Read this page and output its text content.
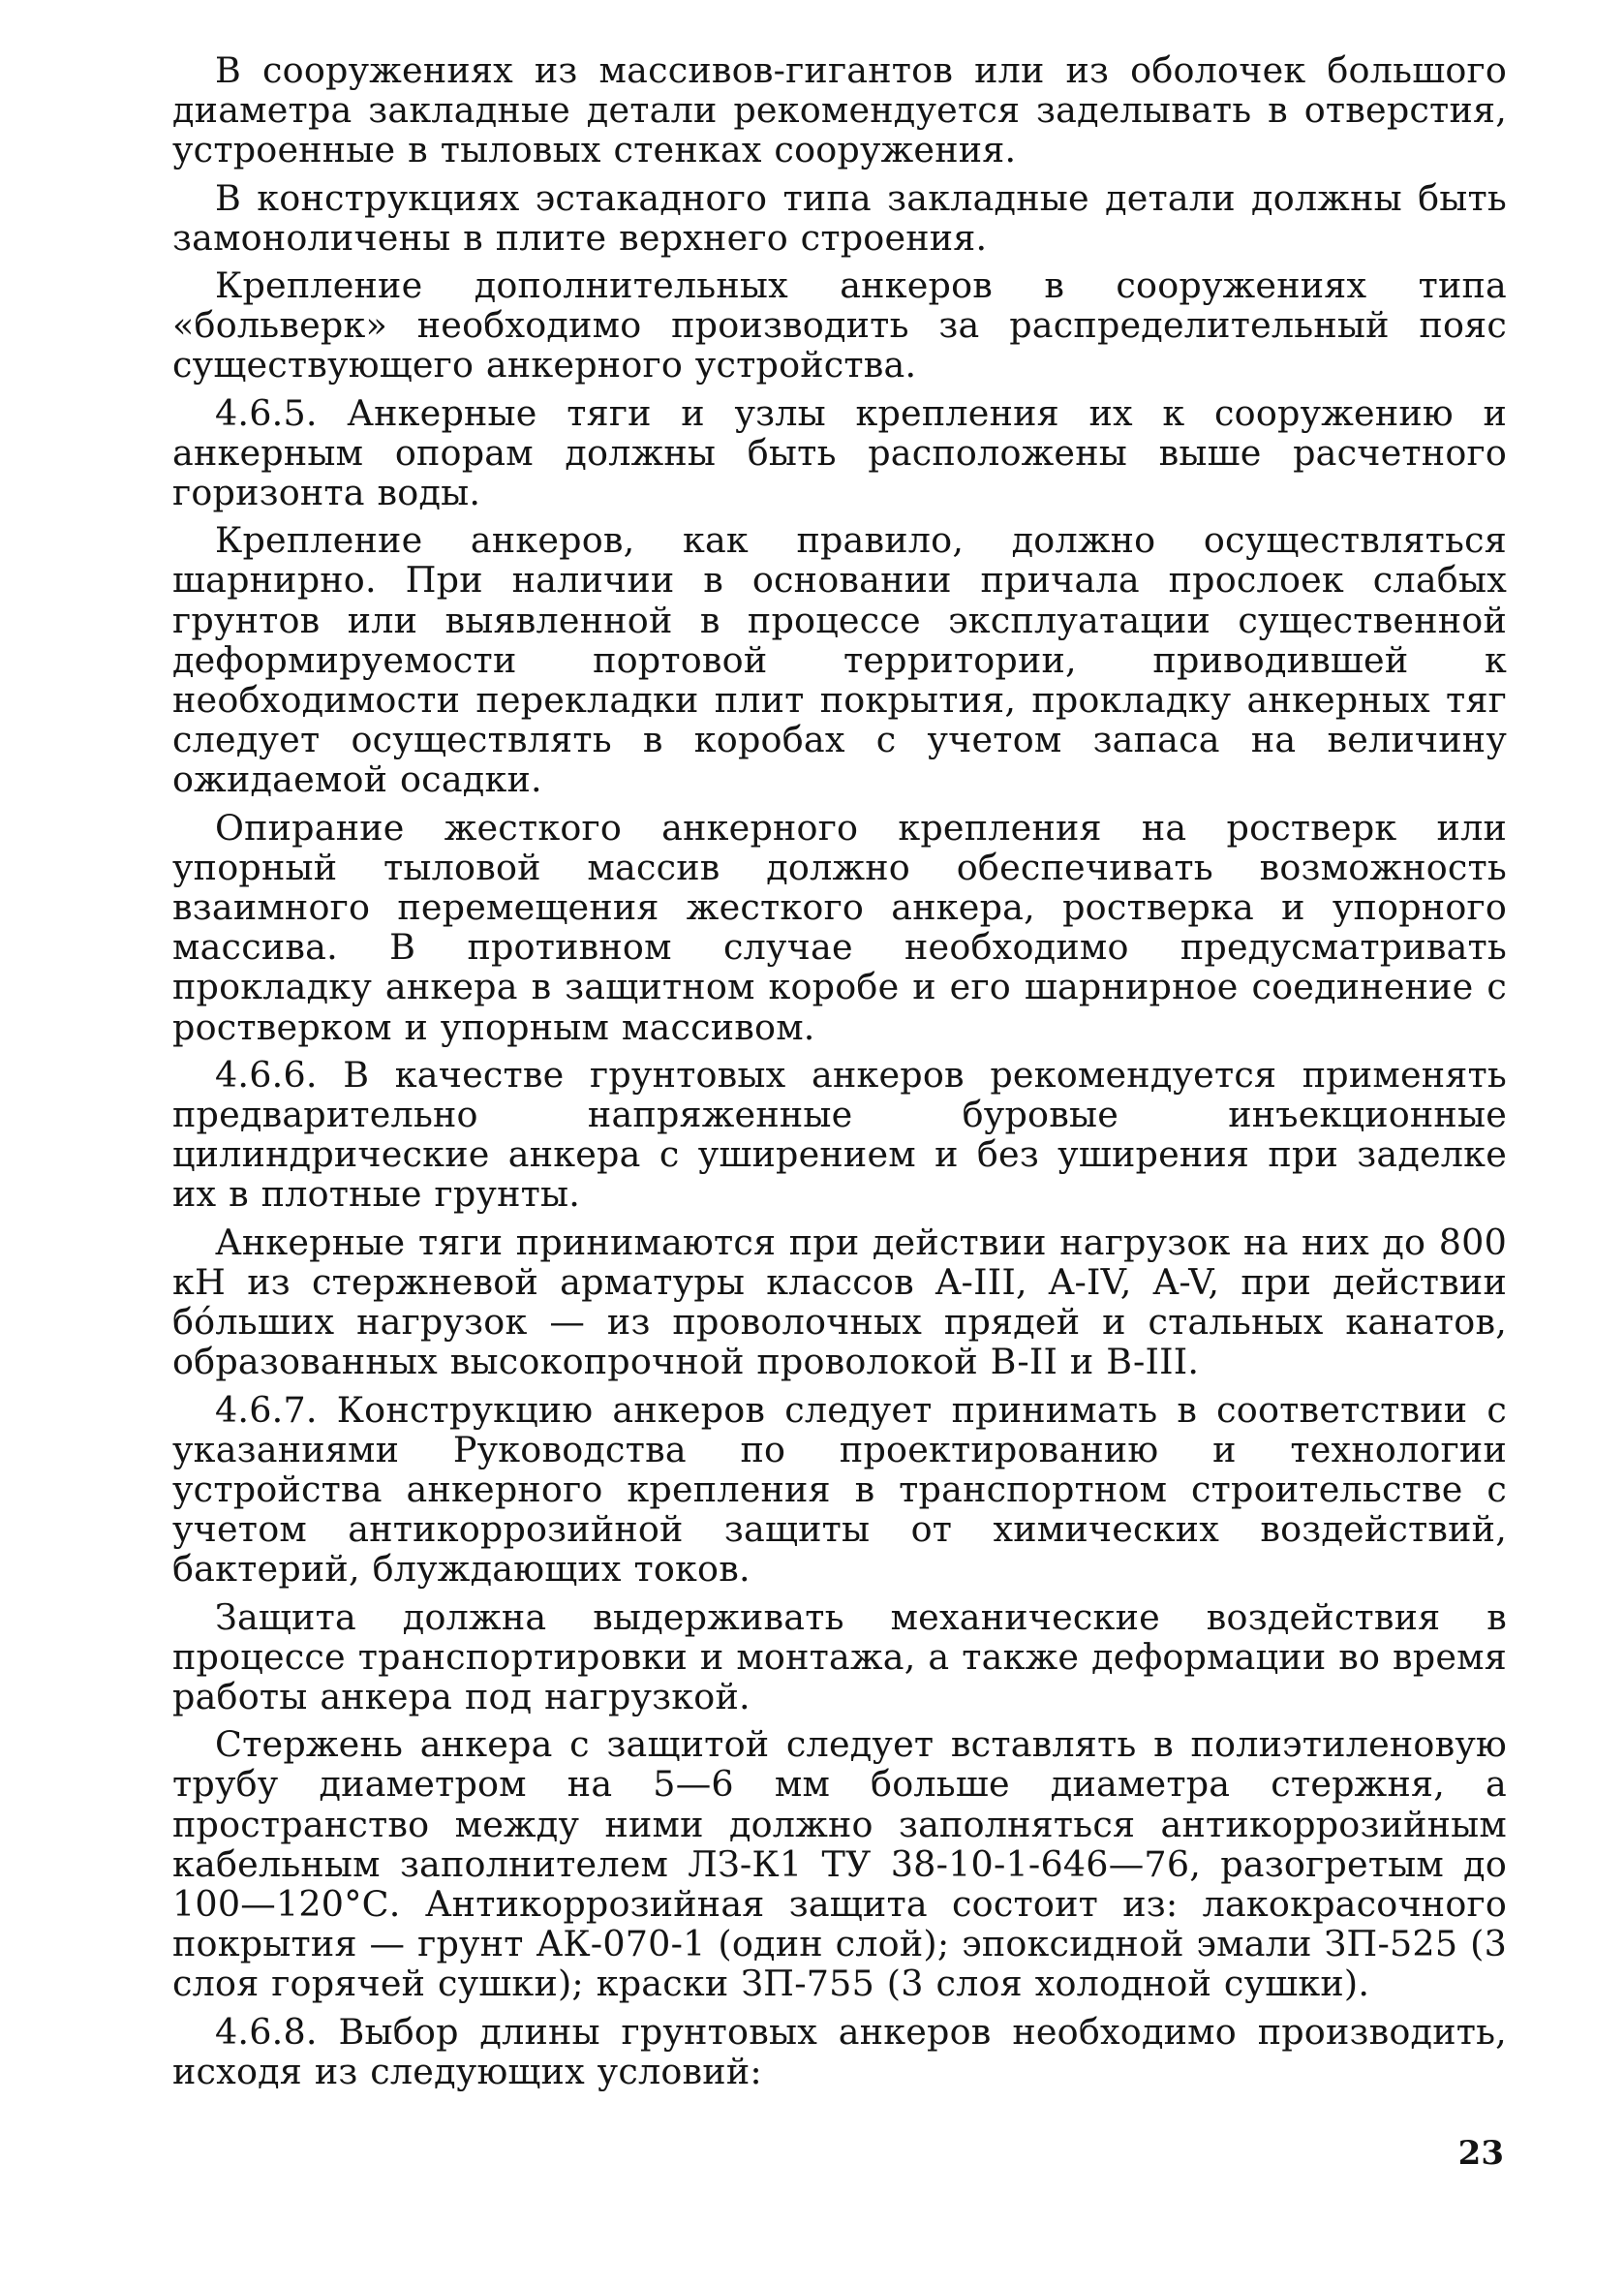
В сооружениях из массивов-гигантов или из оболочек большого диаметра закладные детали рекомендуется заделывать в отверстия, устроенные в тыловых стенках сооружения.

В конструкциях эстакадного типа закладные детали должны быть замоноличены в плите верхнего строения.

Крепление дополнительных анкеров в сооружениях типа «больверк» необходимо производить за распределительный пояс существующего анкерного устройства.

4.6.5. Анкерные тяги и узлы крепления их к сооружению и анкерным опорам должны быть расположены выше расчетного горизонта воды.

Крепление анкеров, как правило, должно осуществляться шарнирно. При наличии в основании причала прослоек слабых грунтов или выявленной в процессе эксплуатации существенной деформируемости портовой территории, приводившей к необходимости перекладки плит покрытия, прокладку анкерных тяг следует осуществлять в коробах с учетом запаса на величину ожидаемой осадки.

Опирание жесткого анкерного крепления на ростверк или упорный тыловой массив должно обеспечивать возможность взаимного перемещения жесткого анкера, ростверка и упорного массива. В противном случае необходимо предусматривать прокладку анкера в защитном коробе и его шарнирное соединение с ростверком и упорным массивом.

4.6.6. В качестве грунтовых анкеров рекомендуется применять предварительно напряженные буровые инъекционные цилиндрические анкера с уширением и без уширения при заделке их в плотные грунты.

Анкерные тяги принимаются при действии нагрузок на них до 800 кН из стержневой арматуры классов A-III, A-IV, A-V, при действии бо́льших нагрузок — из проволочных прядей и стальных канатов, образованных высокопрочной проволокой B-II и B-III.

4.6.7. Конструкцию анкеров следует принимать в соответствии с указаниями Руководства по проектированию и технологии устройства анкерного крепления в транспортном строительстве с учетом антикоррозийной защиты от химических воздействий, бактерий, блуждающих токов.

Защита должна выдерживать механические воздействия в процессе транспортировки и монтажа, а также деформации во время работы анкера под нагрузкой.

Стержень анкера с защитой следует вставлять в полиэтиленовую трубу диаметром на 5—6 мм больше диаметра стержня, а пространство между ними должно заполняться антикоррозийным кабельным заполнителем ЛЗ-К1 ТУ 38-10-1-646—76, разогретым до 100—120°С. Антикоррозийная защита состоит из: лакокрасочного покрытия — грунт АК-070-1 (один слой); эпоксидной эмали ЗП-525 (3 слоя горячей сушки); краски ЗП-755 (3 слоя холодной сушки).

4.6.8. Выбор длины грунтовых анкеров необходимо производить, исходя из следующих условий:

23
